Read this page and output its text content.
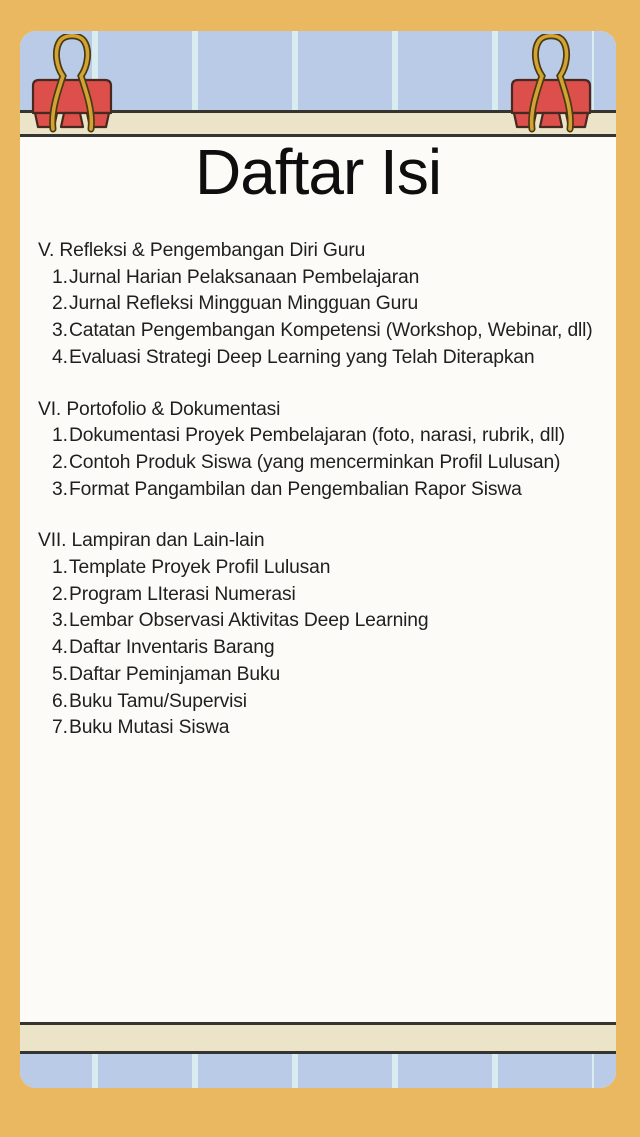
Daftar Isi
V. Refleksi & Pengembangan Diri Guru
1. Jurnal Harian Pelaksanaan Pembelajaran
2. Jurnal Refleksi Mingguan Mingguan Guru
3. Catatan Pengembangan Kompetensi (Workshop, Webinar, dll)
4. Evaluasi Strategi Deep Learning yang Telah Diterapkan
VI. Portofolio & Dokumentasi
1. Dokumentasi Proyek Pembelajaran (foto, narasi, rubrik, dll)
2. Contoh Produk Siswa (yang mencerminkan Profil Lulusan)
3. Format Pangambilan dan Pengembalian Rapor Siswa
VII. Lampiran dan Lain-lain
1. Template Proyek Profil Lulusan
2. Program LIterasi Numerasi
3. Lembar Observasi Aktivitas Deep Learning
4. Daftar Inventaris Barang
5. Daftar Peminjaman Buku
6. Buku Tamu/Supervisi
7. Buku Mutasi Siswa
